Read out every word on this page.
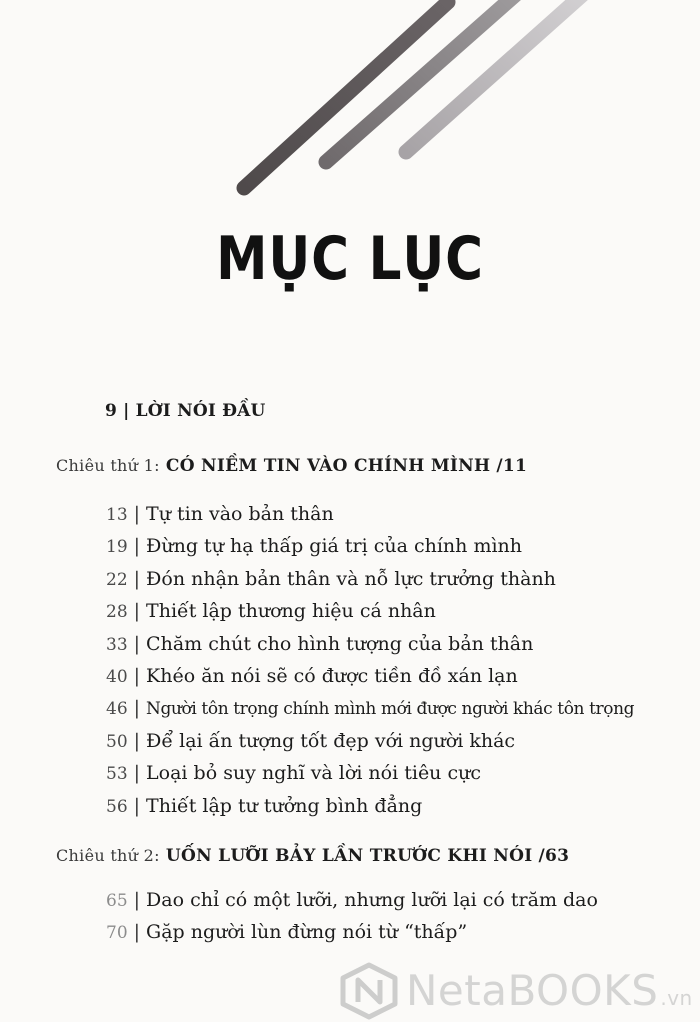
MỤC LỤC
9 | LỜI NÓI ĐẦU
Chiêu thứ 1: CÓ NIỀM TIN VÀO CHÍNH MÌNH /11
13 | Tự tin vào bản thân
19 | Đừng tự hạ thấp giá trị của chính mình
22 | Đón nhận bản thân và nỗ lực trưởng thành
28 | Thiết lập thương hiệu cá nhân
33 | Chăm chút cho hình tượng của bản thân
40 | Khéo ăn nói sẽ có được tiền đồ xán lạn
46 | Người tôn trọng chính mình mới được người khác tôn trọng
50 | Để lại ấn tượng tốt đẹp với người khác
53 | Loại bỏ suy nghĩ và lời nói tiêu cực
56 | Thiết lập tư tưởng bình đẳng
Chiêu thứ 2: UỐN LƯỠI BẢY LẦN TRƯỚC KHI NÓI /63
65 | Dao chỉ có một lưỡi, nhưng lưỡi lại có trăm dao
70 | Gặp người lùn đừng nói từ “thấp”
NetaBOOKS .vn
